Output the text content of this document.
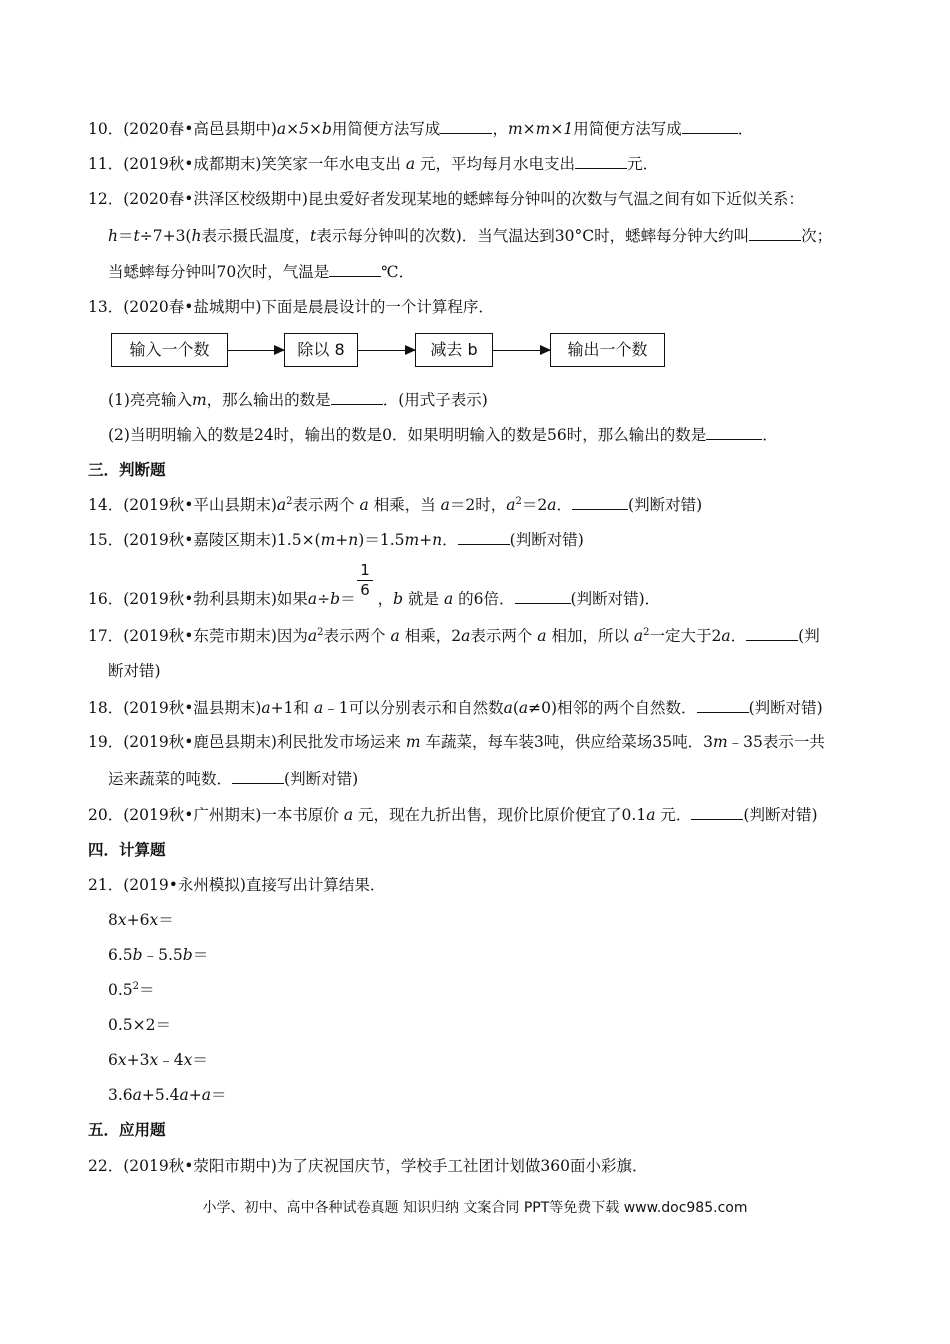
10．(2020春•高邑县期中)a×5×b用简便方法写成	，m×m×1用简便方法写成	．
11．(2019秋•成都期末)笑笑家一年水电支出 a 元，平均每月水电支出	元．
12．(2020春•洪泽区校级期中)昆虫爱好者发现某地的蟋蟀每分钟叫的次数与气温之间有如下近似关系：
h＝t÷7+3(h表示摄氏温度，t表示每分钟叫的次数)．当气温达到30°C时，蟋蟀每分钟大约叫	次；
当蟋蟀每分钟叫70次时，气温是	℃．
13．(2020春•盐城期中)下面是晨晨设计的一个计算程序．
输入一个数	除以 8	减去 b	输出一个数
(1)亮亮输入m，那么输出的数是	．(用式子表示)
(2)当明明输入的数是24时，输出的数是0．如果明明输入的数是56时，那么输出的数是	．
三．判断题
14．(2019秋•平山县期末)$a^2$表示两个 a 相乘，当 a＝2时，$a^2=2a$．	(判断对错)
15．(2019秋•嘉陵区期末)1.5×(m+n)＝1.5m+n．	(判断对错)
16．(2019秋•勃利县期末)如果a÷b＝ ，b 就是 a 的6倍．	(判断对错)．
1
6
17．(2019秋•东莞市期末)因为$a^2$表示两个 a 相乘，2a表示两个 a 相加，所以 $a^2$一定大于2a．	(判
断对错)
18．(2019秋•温县期末)a+1和 a﹣1可以分别表示和自然数a(a≠0)相邻的两个自然数．	(判断对错)
19．(2019秋•鹿邑县期末)利民批发市场运来 m 车蔬菜，每车装3吨，供应给菜场35吨．3m﹣35表示一共
运来蔬菜的吨数．	(判断对错)
20．(2019秋•广州期末)一本书原价 a 元，现在九折出售，现价比原价便宜了0.1a 元．	(判断对错)
四．计算题
21．(2019•永州模拟)直接写出计算结果．
8x+6x＝
6.5b﹣5.5b＝
$0.5^2=$
0.5×2＝
6x+3x﹣4x＝
3.6a+5.4a+a＝
五．应用题
22．(2019秋•荥阳市期中)为了庆祝国庆节，学校手工社团计划做360面小彩旗．
小学、初中、高中各种试卷真题 知识归纳 文案合同 PPT等免费下载 www.doc985.com
